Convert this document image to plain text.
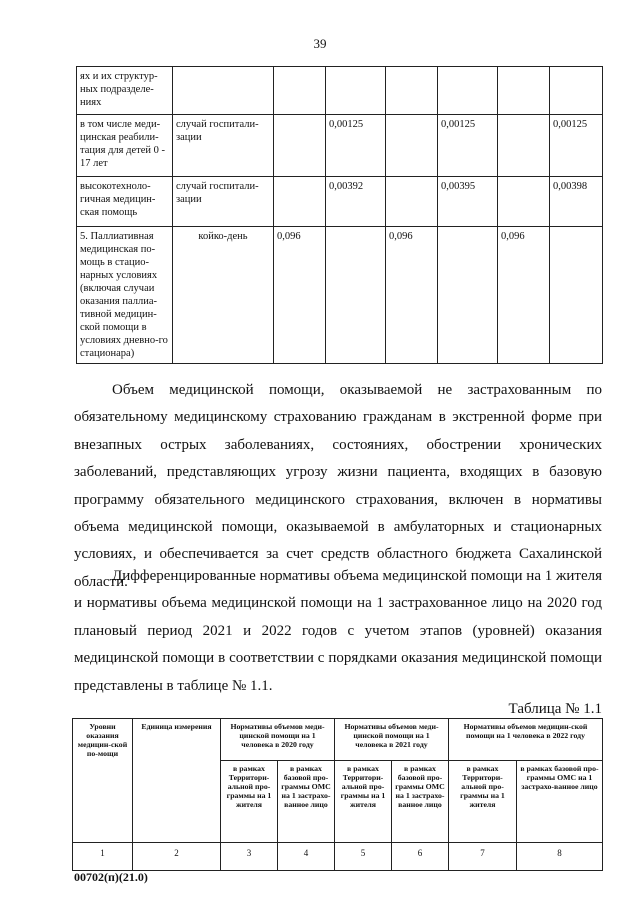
39
ях и их структур-ных подразделе-ниях							
в том числе меди-цинская реабили-тация для детей 0 - 17 лет	случай госпитали-зации		0,00125		0,00125		0,00125
высокотехноло-гичная медицин-ская помощь	случай госпитали-зации		0,00392		0,00395		0,00398
5. Паллиативная медицинская по-мощь в стацио-нарных условиях (включая случаи оказания паллиа-тивной медицин-ской помощи в условиях дневно-го стационара)	койко-день	0,096		0,096		0,096	

Объем медицинской помощи, оказываемой не застрахованным по обязательному медицинскому страхованию гражданам в экстренной форме при внезапных острых заболеваниях, состояниях, обострении хронических заболеваний, представляющих угрозу жизни пациента, входящих в базовую программу обязательного медицинского страхования, включен в нормативы объема медицинской помощи, оказываемой в амбулаторных и стационарных условиях, и обеспечивается за счет средств областного бюджета Сахалинской области.

Дифференцированные нормативы объема медицинской помощи на 1 жителя и нормативы объема медицинской помощи на 1 застрахованное лицо на 2020 год плановый период 2021 и 2022 годов с учетом этапов (уровней) оказания медицинской помощи в соответствии с порядками оказания медицинской помощи представлены в таблице № 1.1.

Таблица № 1.1
Уровни оказания медицин-ской по-мощи	Единица измерения	Нормативы объемов меди-цинской помощи на 1 человека в 2020 году		Нормативы объемов меди-цинской помощи на 1 человека в 2021 году		Нормативы объемов медицин-ской помощи на 1 человека в 2022 году	
		в рамках Территори-альной про-граммы на 1 жителя	в рамках базовой про-граммы ОМС на 1 застрахо-ванное лицо	в рамках Территори-альной про-граммы на 1 жителя	в рамках базовой про-граммы ОМС на 1 застрахо-ванное лицо	в рамках Территори-альной про-граммы на 1 жителя	в рамках базовой про-граммы ОМС на 1 застрахо-ванное лицо
1	2	3	4	5	6	7	8
00702(п)(21.0)
